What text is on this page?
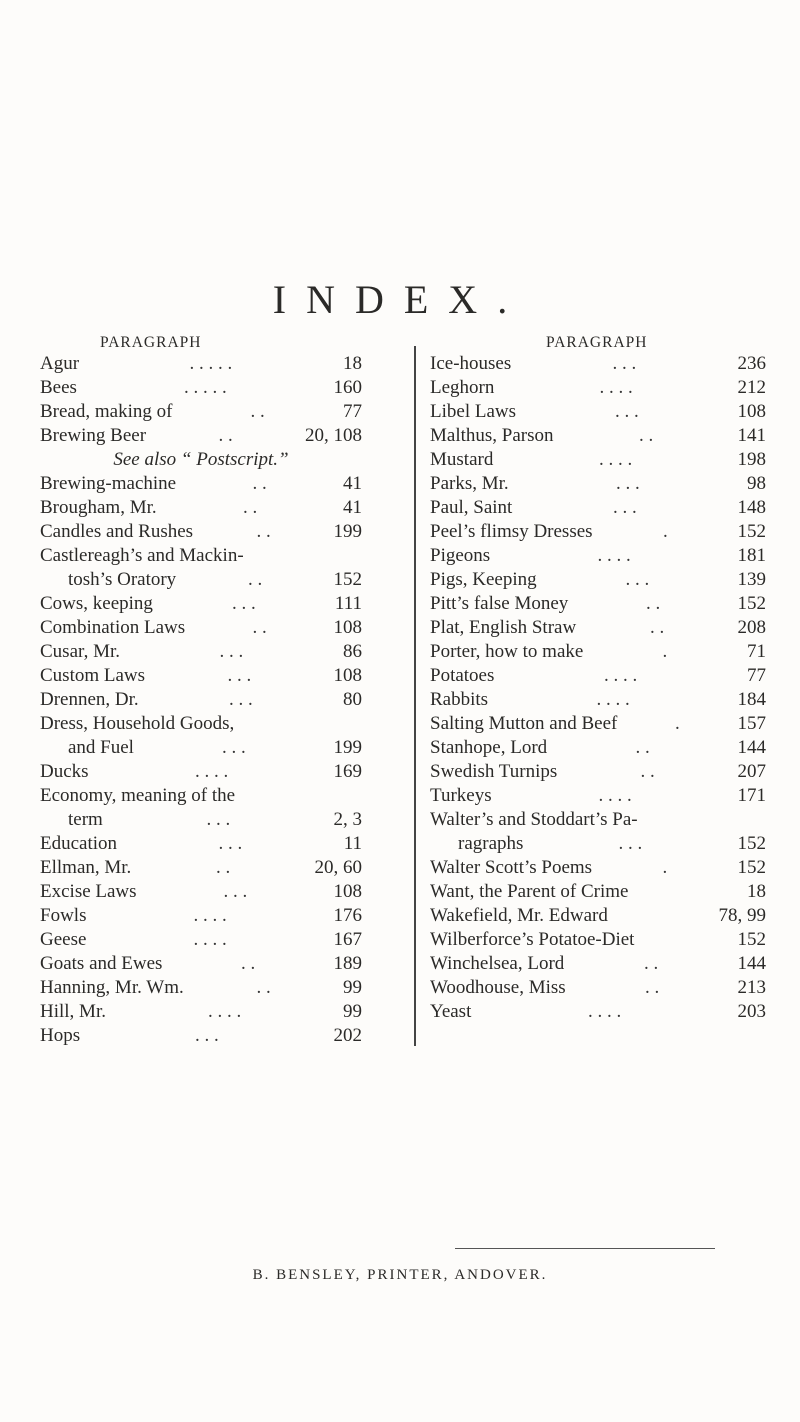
INDEX.
PARAGRAPH
Agur	. . . . .	18
Bees	. . . . .	160
Bread, making of	. .	77
Brewing Beer	. .	20, 108
See also “ Postscript.”
Brewing-machine	. .	41
Brougham, Mr.	. .	41
Candles and Rushes	. .	199
Castlereagh’s and Mackin-
tosh’s Oratory	. .	152
Cows, keeping	. . .	111
Combination Laws	. .	108
Cusar, Mr.	. . .	86
Custom Laws	. . .	108
Drennen, Dr.	. . .	80
Dress, Household Goods,
and Fuel	. . .	199
Ducks	. . . .	169
Economy, meaning of the
term	. . .	2, 3
Education	. . .	11
Ellman, Mr.	. .	20, 60
Excise Laws	. . .	108
Fowls	. . . .	176
Geese	. . . .	167
Goats and Ewes	. .	189
Hanning, Mr. Wm.	. .	99
Hill, Mr.	. . . .	99
Hops	. . .	202
PARAGRAPH
Ice-houses	. . .	236
Leghorn	. . . .	212
Libel Laws	. . .	108
Malthus, Parson	. .	141
Mustard	. . . .	198
Parks, Mr.	. . .	98
Paul, Saint	. . .	148
Peel’s flimsy Dresses	.	152
Pigeons	. . . .	181
Pigs, Keeping	. . .	139
Pitt’s false Money	. .	152
Plat, English Straw	. .	208
Porter, how to make	.	71
Potatoes	. . . .	77
Rabbits	. . . .	184
Salting Mutton and Beef	.	157
Stanhope, Lord	. .	144
Swedish Turnips	. .	207
Turkeys	. . . .	171
Walter’s and Stoddart’s Pa-
ragraphs	. . .	152
Walter Scott’s Poems	.	152
Want, the Parent of Crime	18
Wakefield, Mr. Edward	78, 99
Wilberforce’s Potatoe-Diet	152
Winchelsea, Lord	. .	144
Woodhouse, Miss	. .	213
Yeast	. . . .	203
B. BENSLEY, PRINTER, ANDOVER.
